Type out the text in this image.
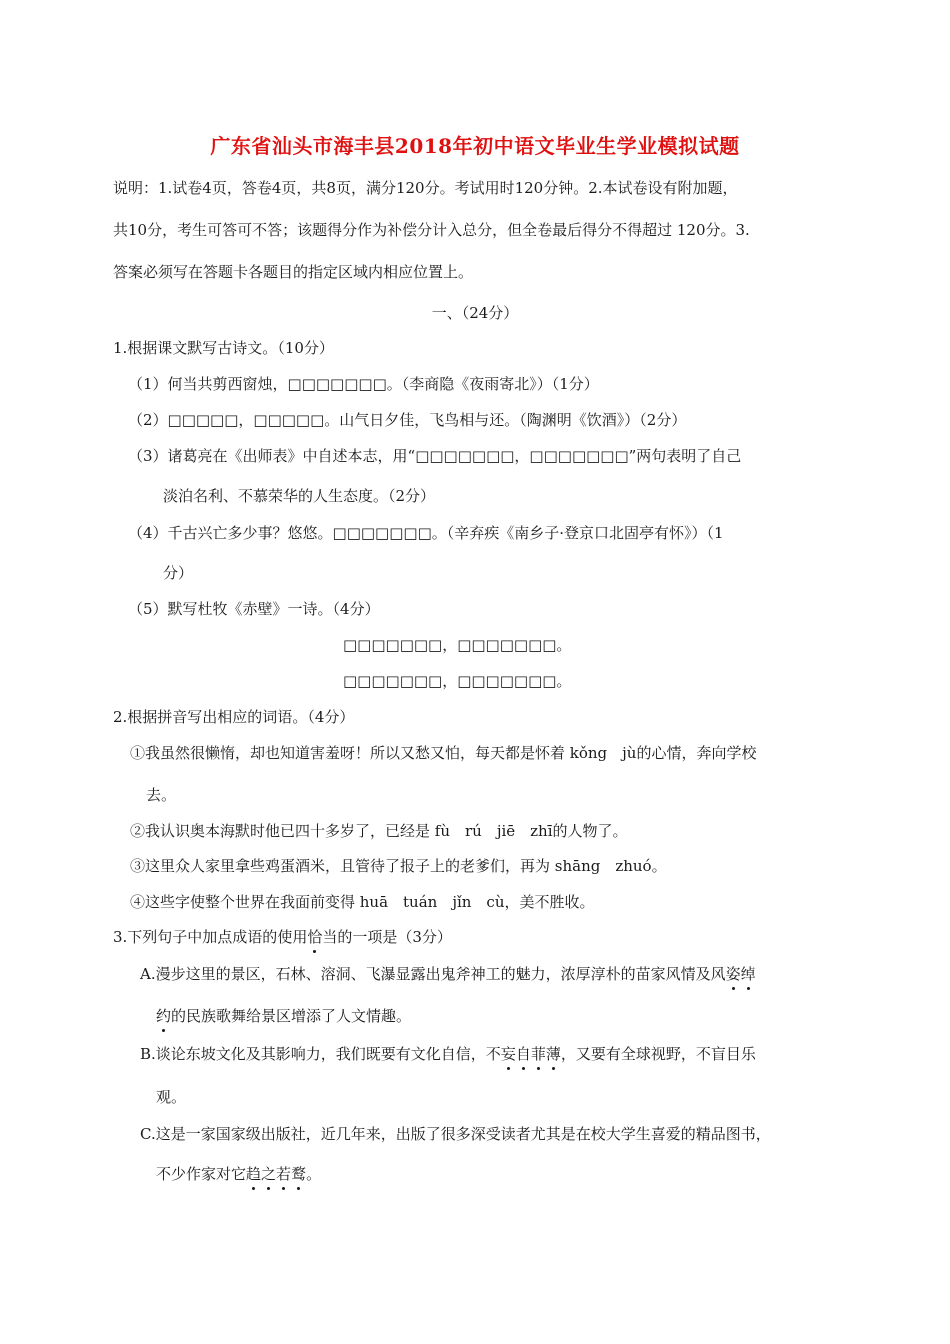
广东省汕头市海丰县2018年初中语文毕业生学业模拟试题
说明：1.试卷4页，答卷4页，共8页，满分120分。考试用时120分钟。2.本试卷设有附加题，
共10分，考生可答可不答；该题得分作为补偿分计入总分，但全卷最后得分不得超过 120分。3.
答案必须写在答题卡各题目的指定区域内相应位置上。
一、（24分）
1.根据课文默写古诗文。（10分）
（1）何当共剪西窗烛，□□□□□□□。（李商隐《夜雨寄北》）（1分）
（2）□□□□□，□□□□□。山气日夕佳，飞鸟相与还。（陶渊明《饮酒》）（2分）
（3）诸葛亮在《出师表》中自述本志，用“□□□□□□□，□□□□□□□”两句表明了自己
淡泊名利、不慕荣华的人生态度。（2分）
（4）千古兴亡多少事？悠悠。□□□□□□□。（辛弃疾《南乡子·登京口北固亭有怀》）（1
分）
（5）默写杜牧《赤壁》一诗。（4分）
□□□□□□□，□□□□□□□。
□□□□□□□，□□□□□□□。
2.根据拼音写出相应的词语。（4分）
①我虽然很懒惰，却也知道害羞呀！所以又愁又怕，每天都是怀着 kǒng　jù的心情，奔向学校
去。
②我认识奥本海默时他已四十多岁了，已经是 fù　rú　jiē　zhī的人物了。
③这里众人家里拿些鸡蛋酒米，且管待了报子上的老爹们，再为 shāng　zhuó。
④这些字使整个世界在我面前变得 huā　tuán　jǐn　cù，美不胜收。
3.下列句子中加点成语的使用恰当的一项是（3分）
A.漫步这里的景区，石林、溶洞、飞瀑显露出鬼斧神工的魅力，浓厚淳朴的苗家风情及风姿绰
约的民族歌舞给景区增添了人文情趣。
B.谈论东坡文化及其影响力，我们既要有文化自信，不妄自菲薄，又要有全球视野，不盲目乐
观。
C.这是一家国家级出版社，近几年来，出版了很多深受读者尤其是在校大学生喜爱的精品图书，
不少作家对它趋之若鹜。
